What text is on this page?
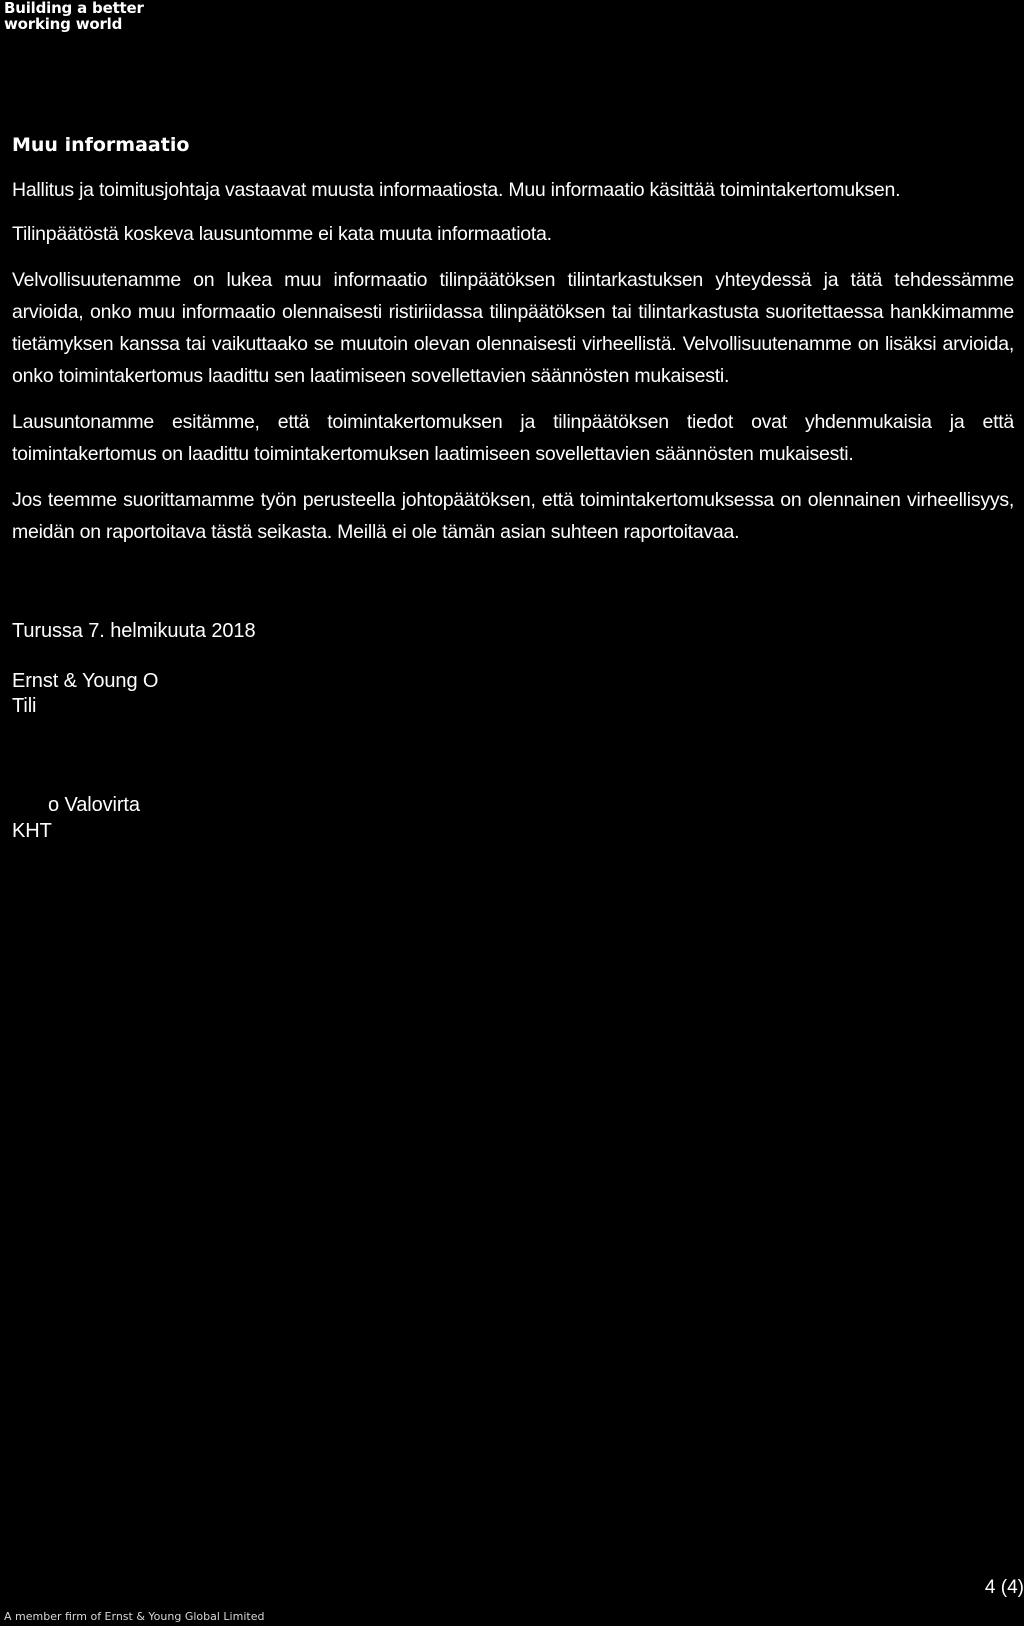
Building a better
working world
Muu informaatio

Hallitus ja toimitusjohtaja vastaavat muusta informaatiosta. Muu informaatio käsittää toimintakertomuksen.

Tilinpäätöstä koskeva lausuntomme ei kata muuta informaatiota.

Velvollisuutenamme on lukea muu informaatio tilinpäätöksen tilintarkastuksen yhteydessä ja tätä tehdessämme arvioida, onko muu informaatio olennaisesti ristiriidassa tilinpäätöksen tai tilintarkastusta suoritettaessa hankkimamme tietämyksen kanssa tai vaikuttaako se muutoin olevan olennaisesti virheellistä. Velvollisuutenamme on lisäksi arvioida, onko toimintakertomus laadittu sen laatimiseen sovellettavien säännösten mukaisesti.

Lausuntonamme esitämme, että toimintakertomuksen ja tilinpäätöksen tiedot ovat yhdenmukaisia ja että toimintakertomus on laadittu toimintakertomuksen laatimiseen sovellettavien säännösten mukaisesti.

Jos teemme suorittamamme työn perusteella johtopäätöksen, että toimintakertomuksessa on olennainen virheellisyys, meidän on raportoitava tästä seikasta. Meillä ei ole tämän asian suhteen raportoitavaa.

Turussa 7. helmikuuta 2018
Ernst & Young O
Tili
o Valovirta
KHT
4 (4)
A member firm of Ernst & Young Global Limited
